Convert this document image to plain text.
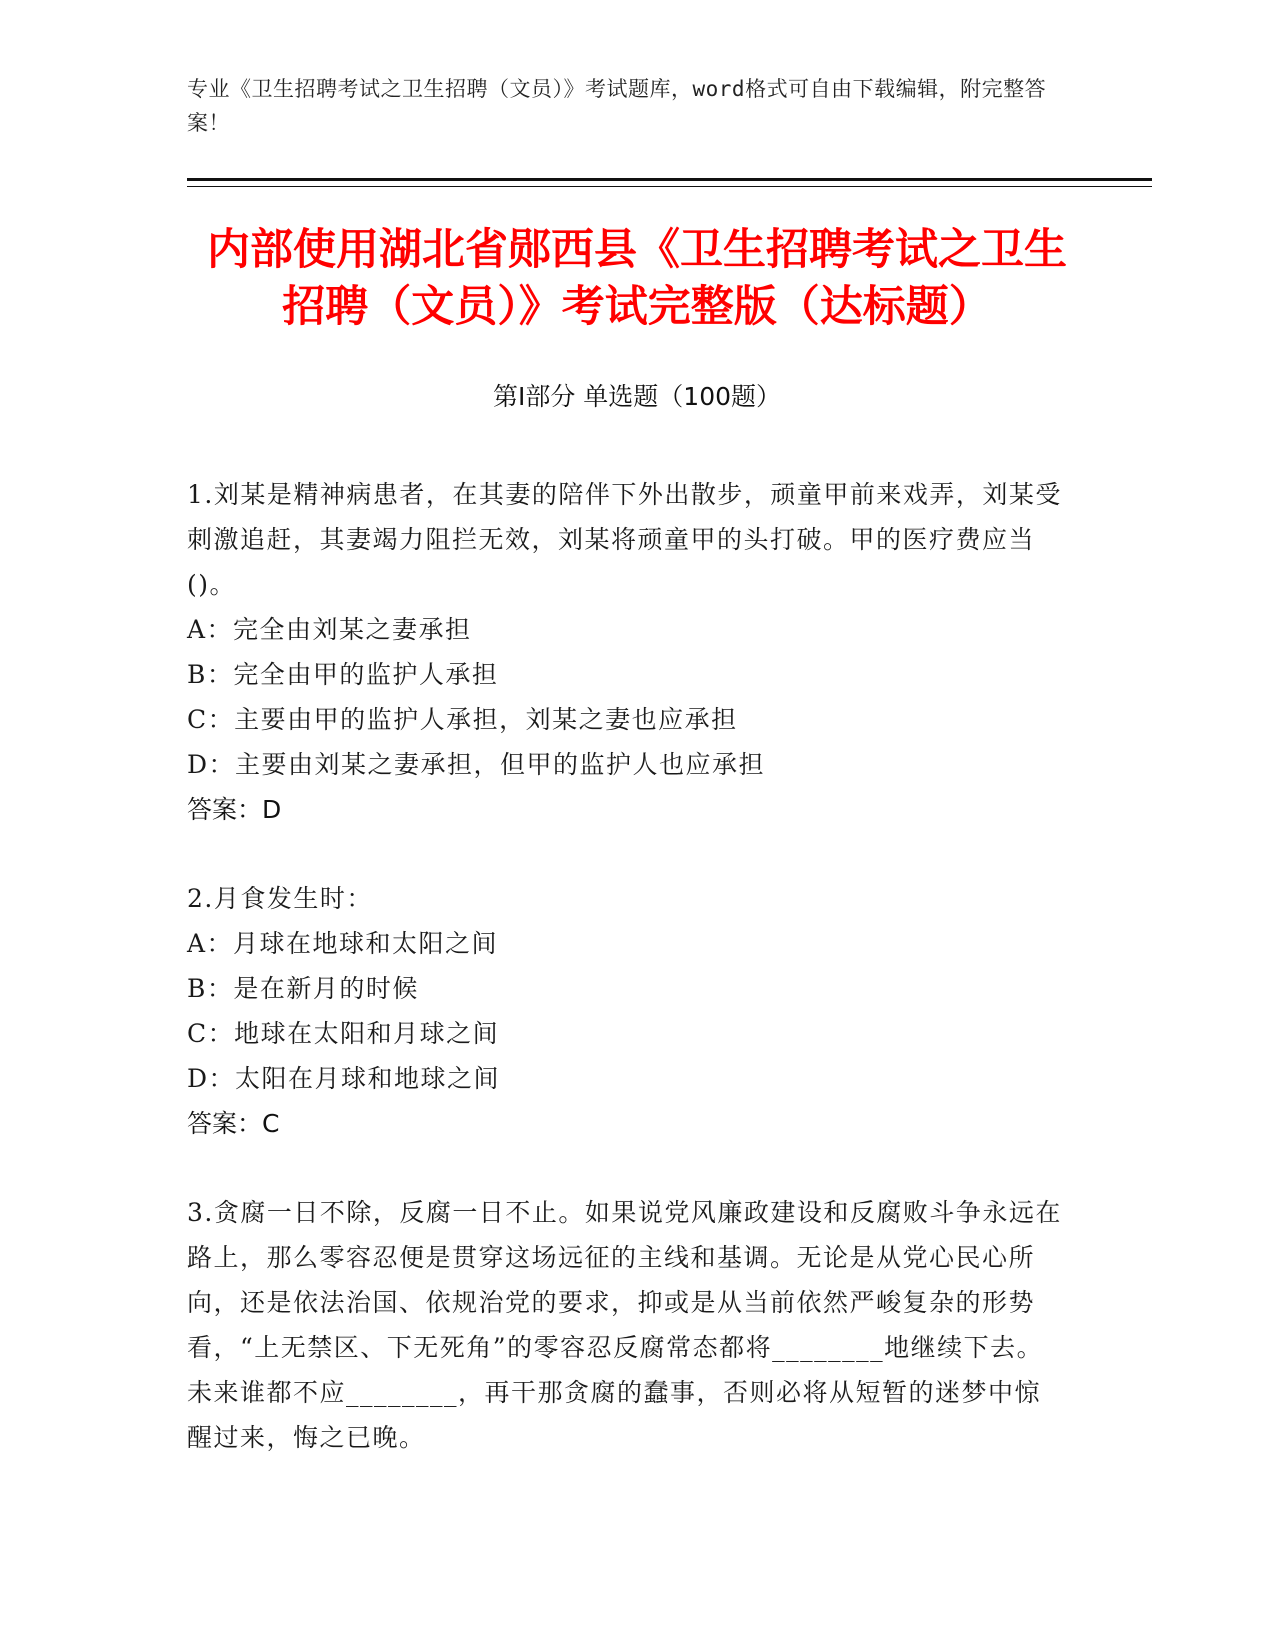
专业《卫生招聘考试之卫生招聘（文员）》考试题库，word格式可自由下载编辑，附完整答案！
内部使用湖北省郧西县《卫生招聘考试之卫生招聘（文员）》考试完整版（达标题）
第Ⅰ部分 单选题（100题）
1.刘某是精神病患者，在其妻的陪伴下外出散步，顽童甲前来戏弄，刘某受刺激追赶，其妻竭力阻拦无效，刘某将顽童甲的头打破。甲的医疗费应当()。
A：完全由刘某之妻承担
B：完全由甲的监护人承担
C：主要由甲的监护人承担，刘某之妻也应承担
D：主要由刘某之妻承担，但甲的监护人也应承担
答案：D
2.月食发生时：
A：月球在地球和太阳之间
B：是在新月的时候
C：地球在太阳和月球之间
D：太阳在月球和地球之间
答案：C
3.贪腐一日不除，反腐一日不止。如果说党风廉政建设和反腐败斗争永远在路上，那么零容忍便是贯穿这场远征的主线和基调。无论是从党心民心所向，还是依法治国、依规治党的要求，抑或是从当前依然严峻复杂的形势看，“上无禁区、下无死角”的零容忍反腐常态都将________地继续下去。未来谁都不应________，再干那贪腐的蠢事，否则必将从短暂的迷梦中惊醒过来，悔之已晚。
